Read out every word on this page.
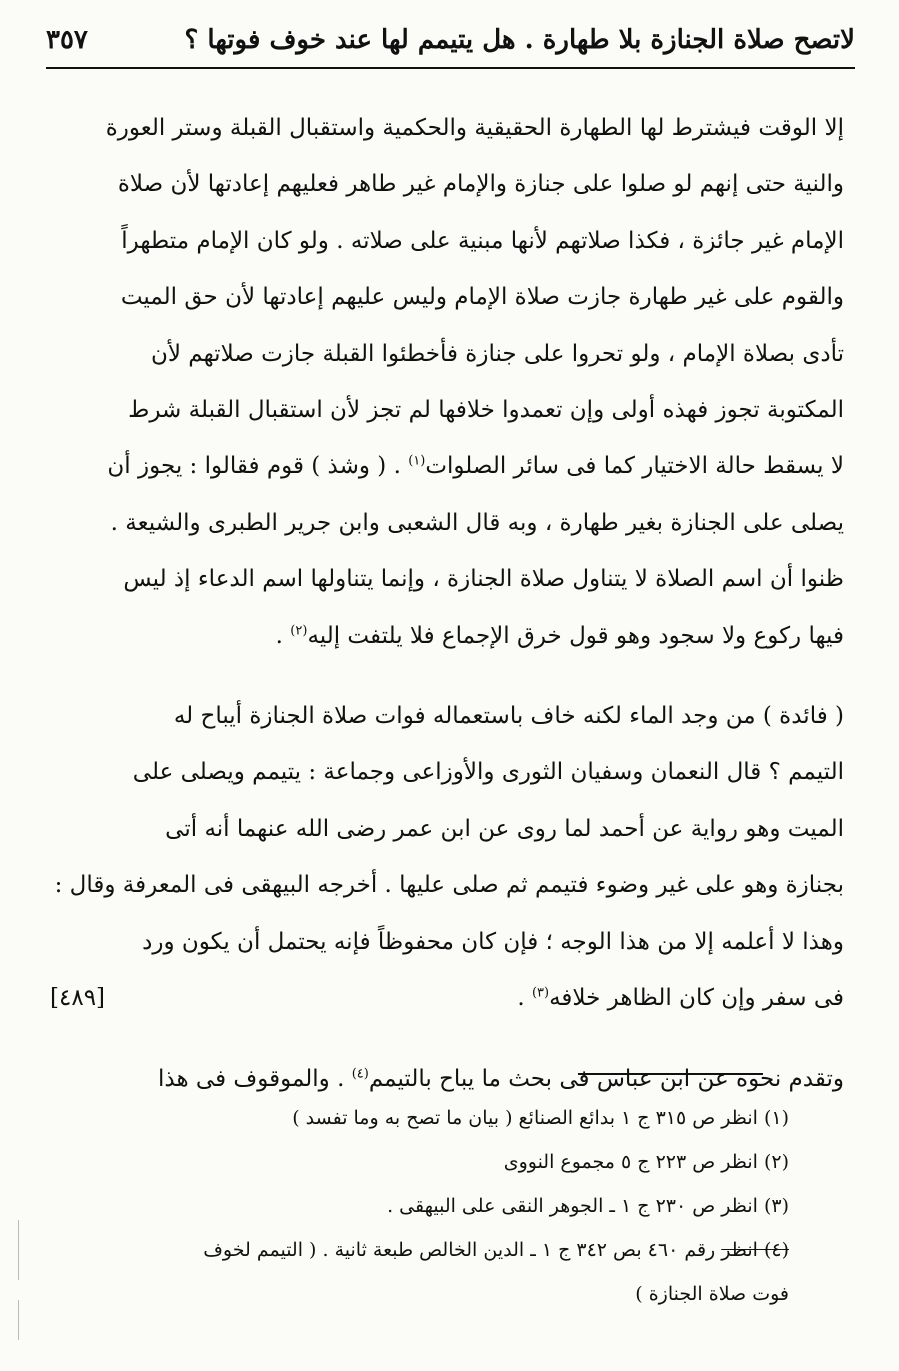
لاتصح صلاة الجنازة بلا طهارة . هل يتيمم لها عند خوف فوتها ؟
٣٥٧

إلا الوقت فيشترط لها الطهارة الحقيقية والحكمية واستقبال القبلة وستر العورة

والنية حتى إنهم لو صلوا على جنازة والإمام غير طاهر فعليهم إعادتها لأن صلاة

الإمام غير جائزة ، فكذا صلاتهم لأنها مبنية على صلاته . ولو كان الإمام متطهراً

والقوم على غير طهارة جازت صلاة الإمام وليس عليهم إعادتها لأن حق الميت

تأدى بصلاة الإمام ، ولو تحروا على جنازة فأخطئوا القبلة جازت صلاتهم لأن

المكتوبة تجوز فهذه أولى وإن تعمدوا خلافها لم تجز لأن استقبال القبلة شرط

لا يسقط حالة الاختيار كما فى سائر الصلوات$^{(١)}$ . ( وشذ ) قوم فقالوا : يجوز أن

يصلى على الجنازة بغير طهارة ، وبه قال الشعبى وابن جرير الطبرى والشيعة .

ظنوا أن اسم الصلاة لا يتناول صلاة الجنازة ، وإنما يتناولها اسم الدعاء إذ ليس

فيها ركوع ولا سجود وهو قول خرق الإجماع فلا يلتفت إليه$^{(٢)}$ .

( فائدة ) من وجد الماء لكنه خاف باستعماله فوات صلاة الجنازة أيباح له

التيمم ؟ قال النعمان وسفيان الثورى والأوزاعى وجماعة : يتيمم ويصلى على

الميت وهو رواية عن أحمد لما روى عن ابن عمر رضى الله عنهما أنه أتى

بجنازة وهو على غير وضوء فتيمم ثم صلى عليها . أخرجه البيهقى فى المعرفة وقال :

وهذا لا أعلمه إلا من هذا الوجه ؛ فإن كان محفوظاً فإنه يحتمل أن يكون ورد

فى سفر وإن كان الظاهر خلافه$^{(٣)}$ .
[٤٨٩]

وتقدم نحوه عن ابن عباس فى بحث ما يباح بالتيمم$^{(٤)}$ . والموقوف فى هذا

(١) انظر ص ٣١٥ ج ١ بدائع الصنائع ( بيان ما تصح به وما تفسد )

(٢) انظر ص ٢٢٣ ج ٥ مجموع النووى

(٣) انظر ص ٢٣٠ ج ١ ـ الجوهر النقى على البيهقى .

(٤) انظر رقم ٤٦٠ بص ٣٤٢ ج ١ ـ الدين الخالص طبعة ثانية . ( التيمم لخوف

فوت صلاة الجنازة )
